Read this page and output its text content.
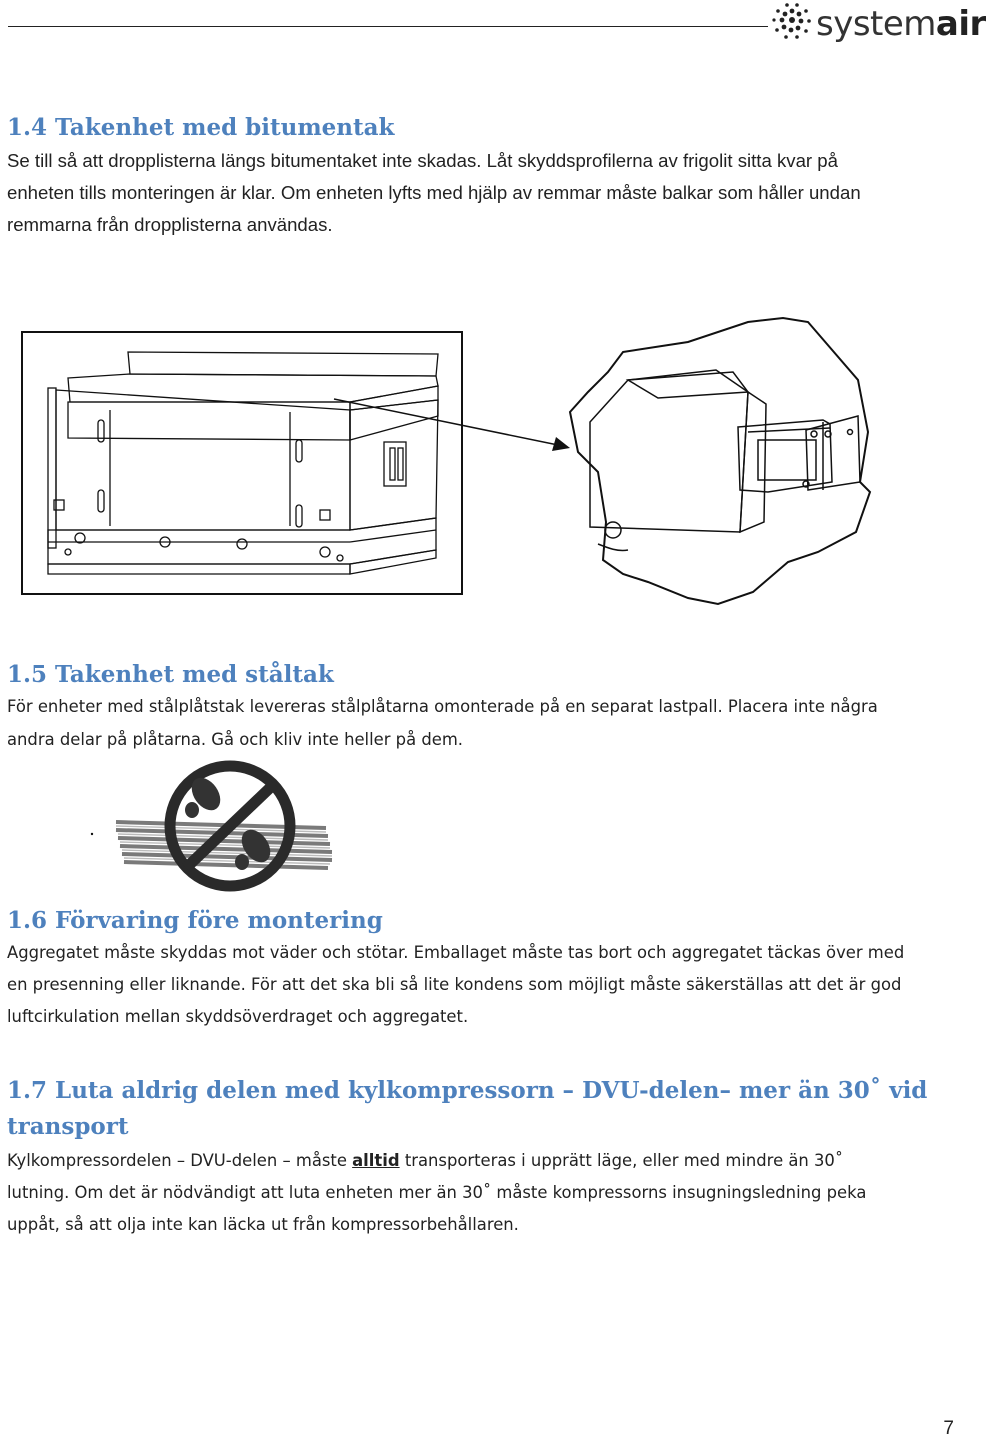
systemair
1.4 Takenhet med bitumentak

Se till så att dropplisterna längs bitumentaket inte skadas. Låt skyddsprofilerna av frigolit sitta kvar på

enheten tills monteringen är klar. Om enheten lyfts med hjälp av remmar måste balkar som håller undan

remmarna från dropplisterna användas.

1.5 Takenhet med ståltak

För enheter med stålplåtstak levereras stålplåtarna omonterade på en separat lastpall. Placera inte några

andra delar på plåtarna. Gå och kliv inte heller på dem.

1.6 Förvaring före montering

Aggregatet måste skyddas mot väder och stötar. Emballaget måste tas bort och aggregatet täckas över med

en presenning eller liknande. För att det ska bli så lite kondens som möjligt måste säkerställas att det är god

luftcirkulation mellan skyddsöverdraget och aggregatet.

1.7 Luta aldrig delen med kylkompressorn – DVU-delen– mer än 30˚ vid
transport

Kylkompressordelen – DVU-delen – måste alltid transporteras i upprätt läge, eller med mindre än 30˚

lutning. Om det är nödvändigt att luta enheten mer än 30˚ måste kompressorns insugningsledning peka

uppåt, så att olja inte kan läcka ut från kompressorbehållaren.

7
